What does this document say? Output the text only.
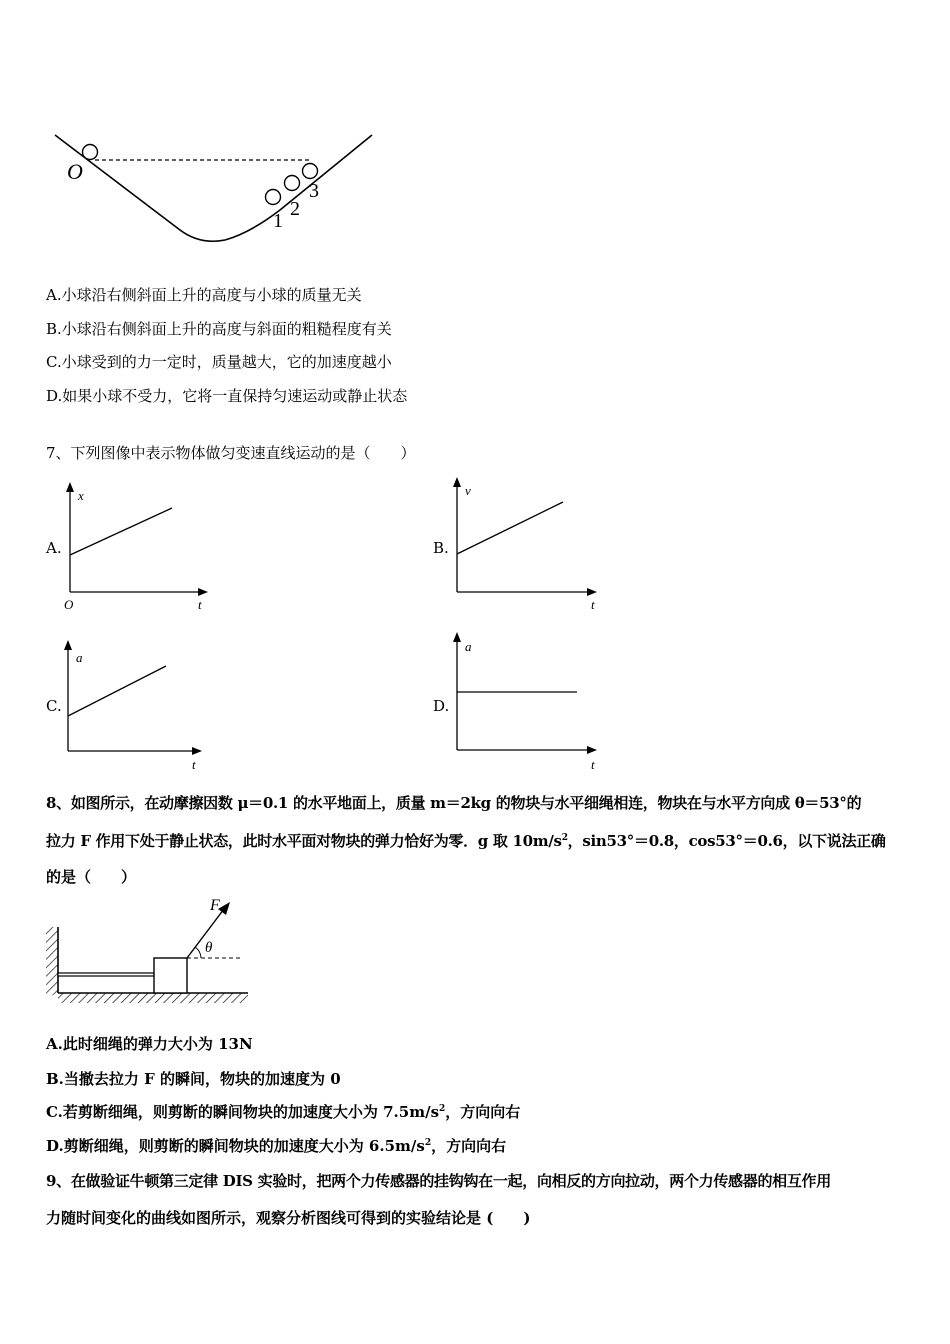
O
1
2
3
A.小球沿右侧斜面上升的高度与小球的质量无关
B.小球沿右侧斜面上升的高度与斜面的粗糙程度有关
C.小球受到的力一定时，质量越大，它的加速度越小
D.如果小球不受力，它将一直保持匀速运动或静止状态
7、下列图像中表示物体做匀变速直线运动的是（　　）
A.
x
t
O
B.
v
t
C.
a
t
D.
a
t
8、如图所示，在动摩擦因数 μ＝0.1 的水平地面上，质量 m＝2kg 的物块与水平细绳相连，物块在与水平方向成 θ＝53°的
拉力 F 作用下处于静止状态，此时水平面对物块的弹力恰好为零．g 取 $10m/s^2$，sin53°＝0.8，cos53°＝0.6，以下说法正确
的是（　　）
F
θ
A.此时细绳的弹力大小为 13N
B.当撤去拉力 F 的瞬间，物块的加速度为 0
C.若剪断细绳，则剪断的瞬间物块的加速度大小为 $7.5m/s^2$，方向向右
D.剪断细绳，则剪断的瞬间物块的加速度大小为 $6.5m/s^2$，方向向右
9、在做验证牛顿第三定律 DIS 实验时，把两个力传感器的挂钩钩在一起，向相反的方向拉动，两个力传感器的相互作用
力随时间变化的曲线如图所示，观察分析图线可得到的实验结论是 (　　)
